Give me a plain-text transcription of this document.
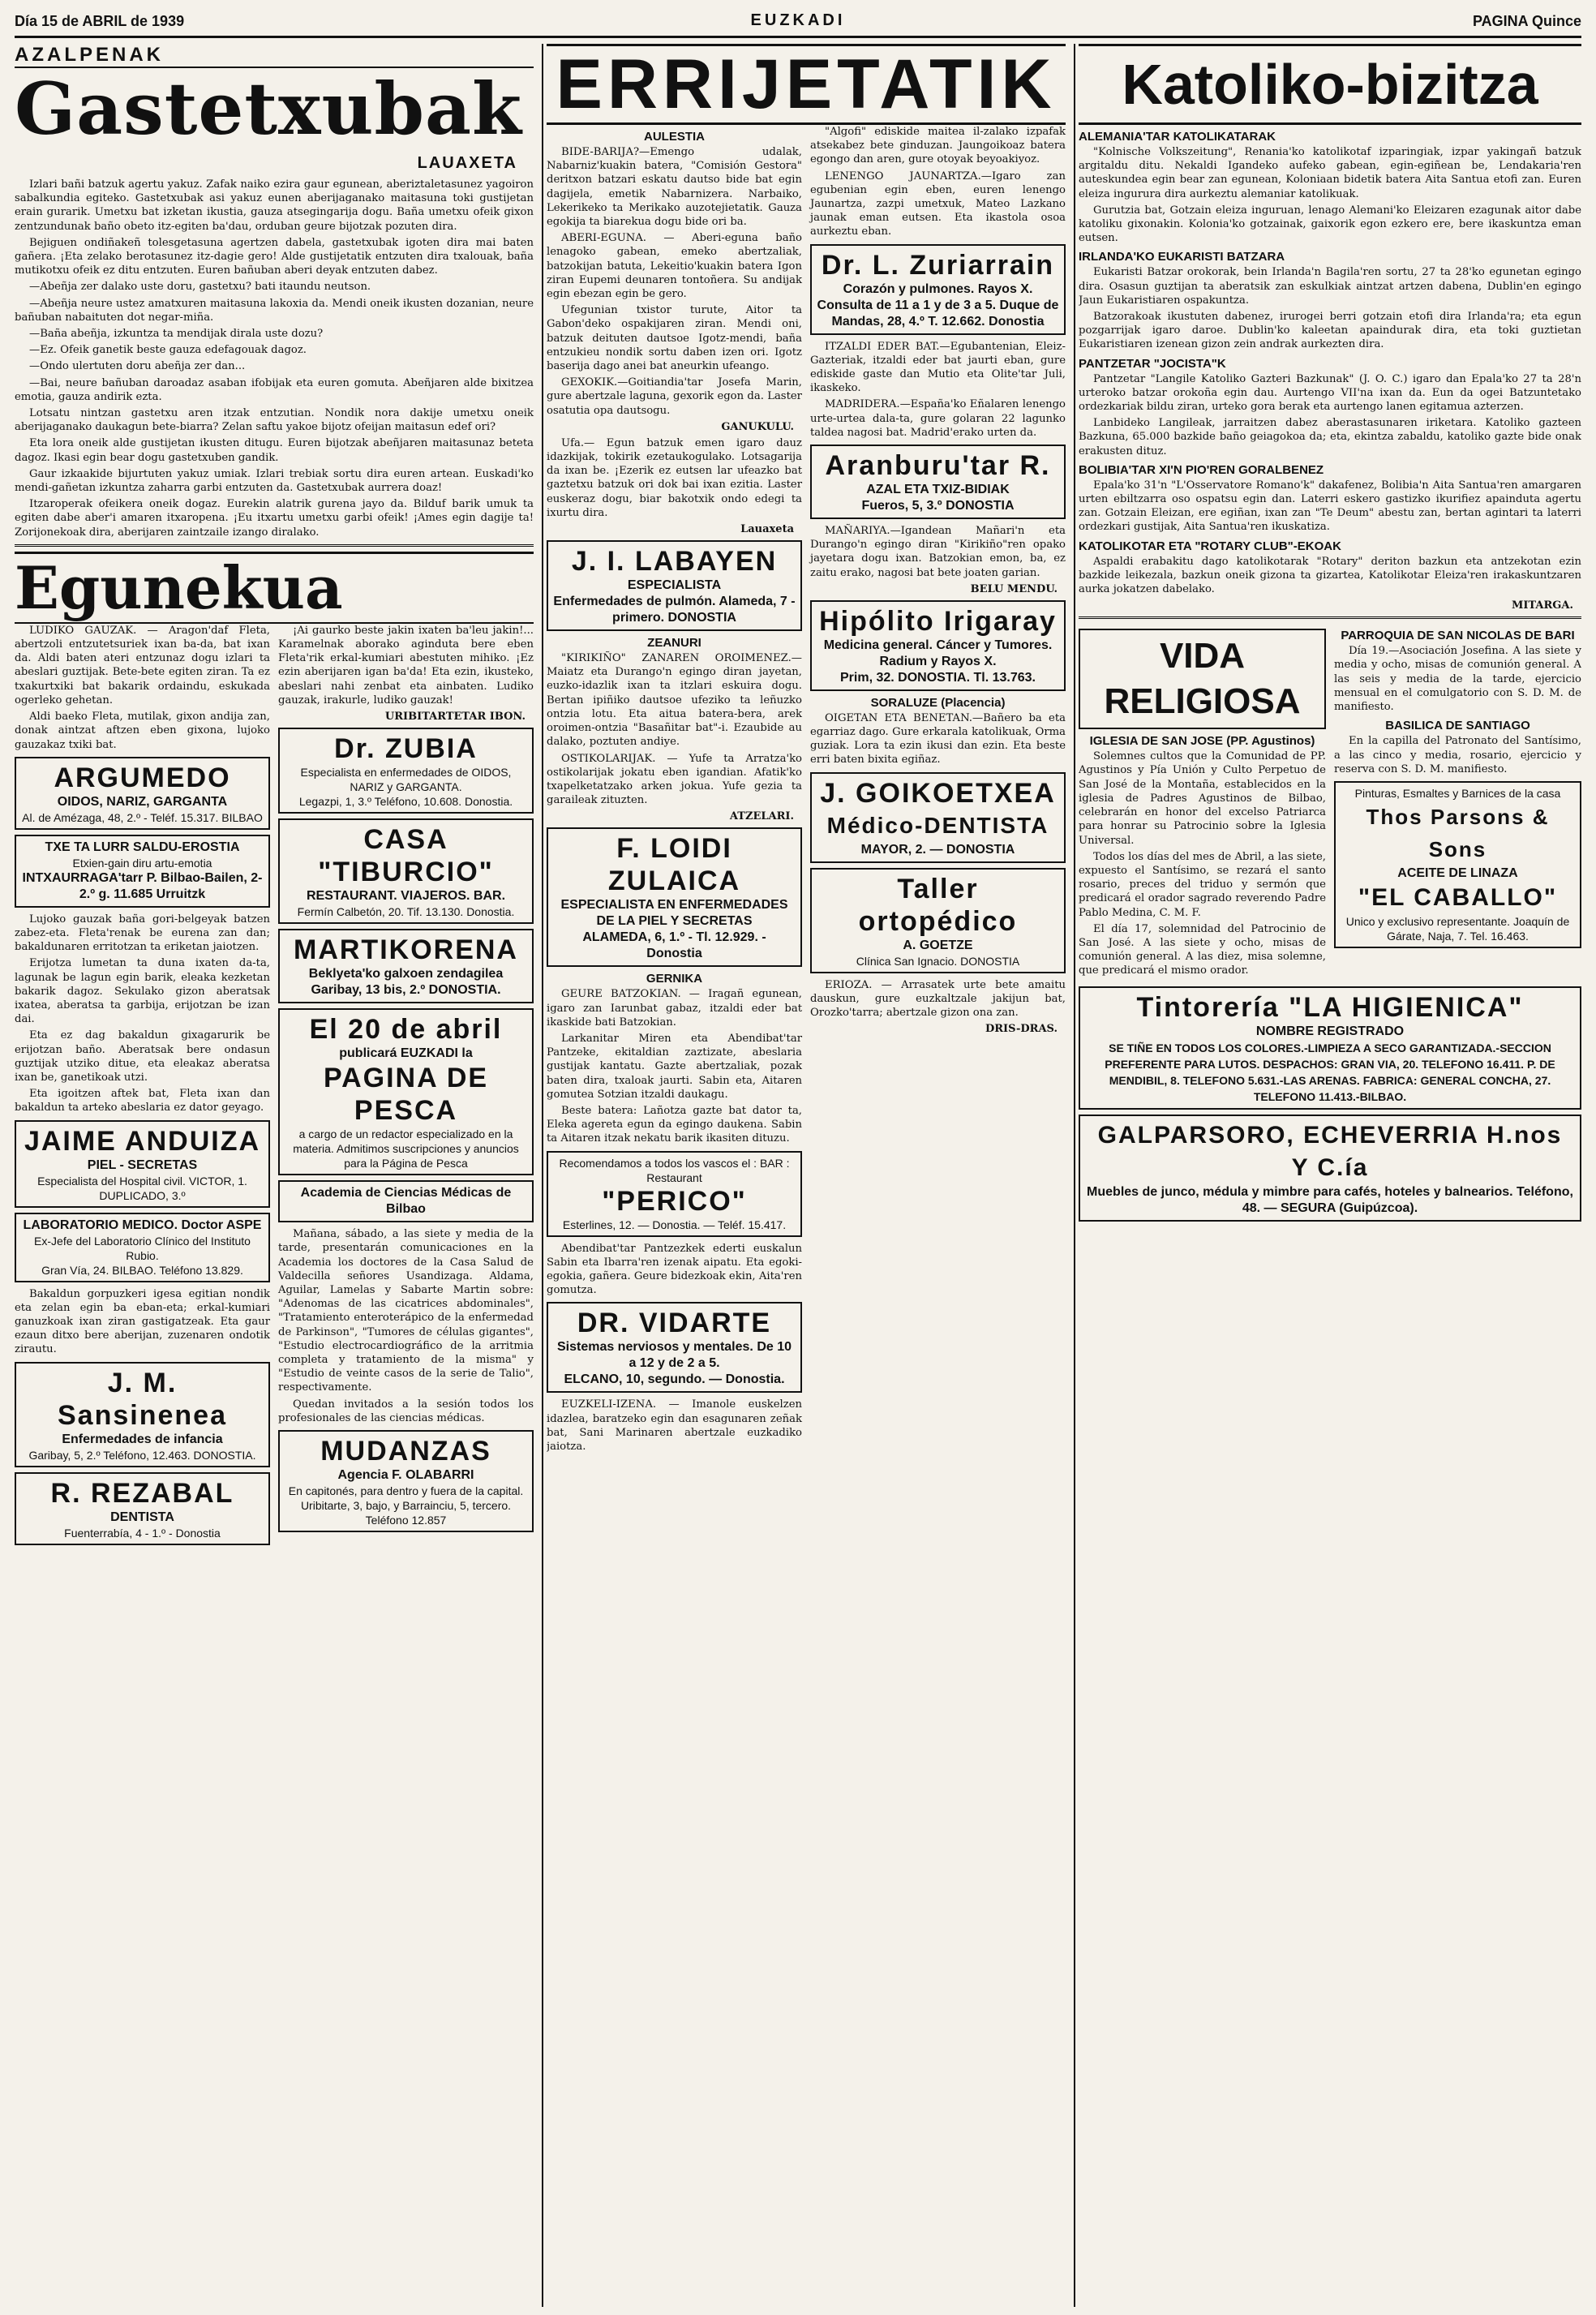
Día 15 de ABRIL de 1939	EUZKADI	PAGINA Quince
AZALPENAK
Gastetxubak
LAUAXETA

Izlari bañi batzuk agertu yakuz. Zafak naiko ezira gaur egunean, aberiztaletasunez yagoiron sabalkundia egiteko. Gastetxubak asi yakuz eunen aberijaganako maitasuna toki gustijetan erain gurarik. Umetxu bat izketan ikustia, gauza atsegingarija dogu. Baña umetxu ofeik gixon zentzundunak baño obeto itz-egiten ba'dau, orduban geure bijotzak pozuten dira.

Bejiguen ondiñakeñ tolesgetasuna agertzen dabela, gastetxubak igoten dira mai baten gañera. ¡Eta zelako berotasunez itz-dagie gero! Alde gustijetatik entzuten dira txalouak, baña mutikotxu ofeik ez ditu entzuten. Euren bañuban aberi deyak entzuten dabez.

—Abeñja zer dalako uste doru, gastetxu? bati itaundu neutson.

—Abeñja neure ustez amatxuren maitasuna lakoxia da. Mendi oneik ikusten dozanian, neure bañuban nabaituten dot negar-miña.

—Baña abeñja, izkuntza ta mendijak dirala uste dozu?

—Ez. Ofeik ganetik beste gauza edefagouak dagoz.

—Ondo ulertuten doru abeñja zer dan...

—Bai, neure bañuban daroadaz asaban ifobijak eta euren gomuta. Abeñjaren alde bixitzea emotia, gauza andirik ezta.

Lotsatu nintzan gastetxu aren itzak entzutian. Nondik nora dakije umetxu oneik aberijaganako daukagun bete-biarra? Zelan saftu yakoe bijotz ofeijan maitasun edef ori?

Eta lora oneik alde gustijetan ikusten ditugu. Euren bijotzak abeñjaren maitasunaz beteta dagoz. Ikasi egin bear dogu gastetxuben gandik.

Gaur izkaakide bijurtuten yakuz umiak. Izlari trebiak sortu dira euren artean. Euskadi'ko mendi-gañetan izkuntza zaharra garbi entzuten da. Gastetxubak aurrera doaz!

Itzaroperak ofeikera oneik dogaz. Eurekin alatrik gurena jayo da. Bilduf barik umuk ta egiten dabe aber'i amaren itxaropena. ¡Eu itxartu umetxu garbi ofeik! ¡Ames egin dagije ta! Zorijonekoak dira, aberijaren zaintzaile izango diralako.

Egunekua

LUDIKO GAUZAK. — Aragon'daf Fleta, abertzoli entzutetsuriek ixan ba-da, bat ixan da. Aldi baten ateri entzunaz dogu izlari ta abeslari guztijak. Bete-bete egiten ziran. Ta ez txakurtxiki bat bakarik ordaindu, eskukada ogerleko gehetan.

Aldi baeko Fleta, mutilak, gixon andija zan, donak aintzat aftzen eben gixona, lujoko gauzakaz txiki bat.

ARGUMEDO
OIDOS, NARIZ, GARGANTA
Al. de Amézaga, 48, 2.º - Teléf. 15.317. BILBAO
TXE TA LURR SALDU-EROSTIA
Etxien-gain diru artu-emotia
INTXAURRAGA'tarr P. Bilbao-Bailen, 2-2.º g. 11.685 Urruitzk

Lujoko gauzak baña gori-belgeyak batzen zabez-eta. Fleta'renak be eurena zan dan; bakaldunaren erritotzan ta eriketan jaiotzen.

Erijotza lumetan ta duna ixaten da-ta, lagunak be lagun egin barik, eleaka kezketan bakarik dagoz. Sekulako gizon aberatsak ixatea, aberatsa ta garbija, erijotzan be izan dai.

Eta ez dag bakaldun gixagarurik be erijotzan baño. Aberatsak bere ondasun guztijak utziko ditue, eta eleakaz aberatsa ixan be, ganetikoak utzi.

Eta igoitzen aftek bat, Fleta ixan dan bakaldun ta arteko abeslaria ez dator geyago.

JAIME ANDUIZA
PIEL - SECRETAS
Especialista del Hospital civil. VICTOR, 1. DUPLICADO, 3.º
LABORATORIO MEDICO. Doctor ASPE
Ex-Jefe del Laboratorio Clínico del Instituto Rubio.
Gran Vía, 24. BILBAO. Teléfono 13.829.

Bakaldun gorpuzkeri igesa egitian nondik eta zelan egin ba eban-eta; erkal-kumiari ganuzkoak ixan ziran gastigatzeak. Eta gaur ezaun ditxo bere aberijan, zuzenaren ondotik zirautu.

J. M. Sansinenea
Enfermedades de infancia
Garibay, 5, 2.º Teléfono, 12.463. DONOSTIA.
R. REZABAL
DENTISTA
Fuenterrabía, 4 - 1.º - Donostia

¡Ai gaurko beste jakin ixaten ba'leu jakin!... Karamelnak aborako aginduta bere eben Fleta'rik erkal-kumiari abestuten mihiko. ¡Ez ezin aberijaren igan ba'da! Eta ezin, ikusteko, abeslari nahi zenbat eta ainbaten. Ludiko gauzak, irakurle, ludiko gauzak!

URIBITARTETAR IBON.
Dr. ZUBIA
Especialista en enfermedades de OIDOS, NARIZ y GARGANTA.
Legazpi, 1, 3.º Teléfono, 10.608. Donostia.
CASA "TIBURCIO"
RESTAURANT. VIAJEROS. BAR.
Fermín Calbetón, 20. Tif. 13.130. Donostia.
MARTIKORENA
Beklyeta'ko galxoen zendagilea
Garibay, 13 bis, 2.º DONOSTIA.
El 20 de abril
publicará EUZKADI la
PAGINA DE PESCA
a cargo de un redactor especializado en la materia. Admitimos suscripciones y anuncios para la Página de Pesca
Academia de Ciencias Médicas de Bilbao

Mañana, sábado, a las siete y media de la tarde, presentarán comunicaciones en la Academia los doctores de la Casa Salud de Valdecilla señores Usandizaga. Aldama, Aguilar, Lamelas y Sabarte Martin sobre: "Adenomas de las cicatrices abdominales", "Tratamiento enteroterápico de la enfermedad de Parkinson", "Tumores de células gigantes", "Estudio electrocardiográfico de la arritmia completa y tratamiento de la misma" y "Estudio de veinte casos de la serie de Talio", respectivamente.

Quedan invitados a la sesión todos los profesionales de las ciencias médicas.

MUDANZAS
Agencia F. OLABARRI
En capitonés, para dentro y fuera de la capital. Uribitarte, 3, bajo, y Barrainciu, 5, tercero. Teléfono 12.857
ERRIJETATIK
AULESTIA

BIDE-BARIJA?—Emengo udalak, Nabarniz'kuakin batera, "Comisión Gestora" deritxon batzari eskatu dautso bide bat egin dagijela, emetik Nabarnizera. Narbaiko, Lekerikeko ta Merikako auzotejietatik. Gauza egokija ta biarekua dogu bide ori ba.

ABERI-EGUNA. — Aberi-eguna baño lenagoko gabean, emeko abertzaliak, batzokijan batuta, Lekeitio'kuakin batera Igon ziran Eupemi deunaren tontoñera. Su andijak egin ebezan egin be gero.

Ufegunian txistor turute, Aitor ta Gabon'deko ospakijaren ziran. Mendi oni, batzuk deituten dautsoe Igotz-mendi, baña entzukieu nondik sortu daben izen ori. Igotz baserija dago anei bat aneurkin ufeango.

GEXOKIK.—Goitiandia'tar Josefa Marin, gure abertzale laguna, gexorik egon da. Laster osatutia opa dautsogu.

GANUKULU.

Ufa.— Egun batzuk emen igaro dauz idazkijak, tokirik ezetaukogulako. Lotsagarija da ixan be. ¡Ezerik ez eutsen lar ufeazko bat gaztetxu batzuk ori dok bai ixan ezitia. Laster euskeraz dogu, biar bakotxik ondo edegi ta ixurtu dira.

Lauaxeta
J. I. LABAYEN
ESPECIALISTA
Enfermedades de pulmón. Alameda, 7 - primero. DONOSTIA
ZEANURI

"KIRIKIÑO" ZANAREN OROIMENEZ.—Maiatz eta Durango'n egingo diran jayetan, euzko-idazlik ixan ta itzlari eskuira dogu. Bertan ipiñiko dautsoe ufeziko ta leñuzko ontzia lotu. Eta aitua batera-bera, arek oroimen-ontzia "Basañitar bat"-i. Ezaubide au dalako, poztuten andiye.

OSTIKOLARIJAK. — Yufe ta Arratza'ko ostikolarijak jokatu eben igandian. Afatik'ko txapelketatzako arken jokua. Yufe gezia ta garaileak zituzten.

ATZELARI.
F. LOIDI ZULAICA
ESPECIALISTA EN ENFERMEDADES DE LA PIEL Y SECRETAS
ALAMEDA, 6, 1.º - Tl. 12.929. - Donostia
GERNIKA

GEURE BATZOKIAN. — Iragañ egunean, igaro zan Iarunbat gabaz, itzaldi eder bat ikaskide bati Batzokian.

Larkanitar Miren eta Abendibat'tar Pantzeke, ekitaldian zaztizate, abeslaria gustijak kantatu. Gazte abertzaliak, pozak baten dira, txaloak jaurti. Sabin eta, Aitaren gomutea Sotzian itzaldi daukagu.

Beste batera: Lañotza gazte bat dator ta, Eleka agereta egun da egingo daukena. Sabin ta Aitaren itzak nekatu barik ikasiten dituzu.

Recomendamos a todos los vascos el : BAR : Restaurant
"PERICO"
Esterlines, 12. — Donostia. — Teléf. 15.417.

Abendibat'tar Pantzezkek ederti euskalun Sabin eta Ibarra'ren izenak aipatu. Eta egoki-egokia, gañera. Geure bidezkoak ekin, Aita'ren gomutza.

DR. VIDARTE
Sistemas nerviosos y mentales. De 10 a 12 y de 2 a 5.
ELCANO, 10, segundo. — Donostia.

EUZKELI-IZENA. — Imanole euskelzen idazlea, baratzeko egin dan esagunaren zeñak bat, Sani Marinaren abertzale euzkadiko jaiotza.

"Algofi" ediskide maitea il-zalako izpafak atsekabez bete ginduzan. Jaungoikoaz batera egongo dan aren, gure otoyak beyoakiyoz.

LENENGO JAUNARTZA.—Igaro zan egubenian egin eben, euren lenengo Jaunartza, zazpi umetxuk, Mateo Lazkano jaunak eman eutsen. Eta ikastola osoa aurkeztu eban.

Dr. L. Zuriarrain
Corazón y pulmones. Rayos X.
Consulta de 11 a 1 y de 3 a 5. Duque de Mandas, 28, 4.º T. 12.662. Donostia

ITZALDI EDER BAT.—Egubantenian, Eleiz-Gazteriak, itzaldi eder bat jaurti eban, gure ediskide gaste dan Mutio eta Olite'tar Juli, ikaskeko.

MADRIDERA.—España'ko Eñalaren lenengo urte-urtea dala-ta, gure golaran 22 lagunko taldea nagosi bat. Madrid'erako urten da.

Aranburu'tar R.
AZAL ETA TXIZ-BIDIAK
Fueros, 5, 3.º DONOSTIA

MAÑARIYA.—Igandean Mañari'n eta Durango'n egingo diran "Kirikiño"ren opako jayetara dogu ixan. Batzokian emon, ba, ez zaitu erako, nagosi bat bete joaten garian.

BELU MENDU.
Hipólito Irigaray
Medicina general. Cáncer y Tumores. Radium y Rayos X.
Prim, 32. DONOSTIA. Tl. 13.763.
SORALUZE (Placencia)

OIGETAN ETA BENETAN.—Bañero ba eta egarriaz dago. Gure erkarala katolikuak, Orma guziak. Lora ta ezin ikusi dan ezin. Eta beste erri baten bixita egiñaz.

J. GOIKOETXEA
Médico-DENTISTA
MAYOR, 2. — DONOSTIA
Taller ortopédico
A. GOETZE
Clínica San Ignacio. DONOSTIA

ERIOZA. — Arrasatek urte bete amaitu dauskun, gure euzkaltzale jakijun bat, Orozko'tarra; abertzale gizon ona zan.

DRIS-DRAS.
Katoliko-bizitza
ALEMANIA'TAR KATOLIKATARAK

"Kolnische Volkszeitung", Renania'ko katolikotaf izparingiak, izpar yakingañ batzuk argitaldu ditu. Nekaldi Igandeko aufeko gabean, egin-egiñean be, Lendakaria'ren auteskundea egin bear zan egunean, Koloniaan bidetik batera Aita Santua etofi zan. Euren eleiza ingurura dira aurkeztu alemaniar katolikuak.

Gurutzia bat, Gotzain eleiza inguruan, lenago Alemani'ko Eleizaren ezagunak aitor dabe katoliku gixonakin. Kolonia'ko gotzainak, gaixorik egon ezkero ere, bere ikaskuntza eman eutsen.

IRLANDA'KO EUKARISTI BATZARA

Eukaristi Batzar orokorak, bein Irlanda'n Bagila'ren sortu, 27 ta 28'ko egunetan egingo dira. Osasun guztijan ta aberatsik zan eskulkiak aintzat artzen dabena, Dublin'en egingo Jaun Eukaristiaren ospakuntza.

Batzorakoak ikustuten dabenez, irurogei berri gotzain etofi dira Irlanda'ra; eta egun pozgarrijak igaro daroe. Dublin'ko kaleetan apaindurak dira, eta toki guztietan Eukaristiaren izenean gizon zein andrak aurkezten dira.

PANTZETAR "JOCISTA"K

Pantzetar "Langile Katoliko Gazteri Bazkunak" (J. O. C.) igaro dan Epala'ko 27 ta 28'n urteroko batzar orokoña egin dau. Aurtengo VII'na ixan da. Eun da ogei Batzuntetako ordezkariak bildu ziran, urteko gora berak eta aurtengo lanen egitamua azterzen.

Lanbideko Langileak, jarraitzen dabez aberastasunaren iriketara. Katoliko gazteen Bazkuna, 65.000 bazkide baño geiagokoa da; eta, ekintza zabaldu, katoliko gazte bide onak erakusten dituz.

BOLIBIA'TAR XI'N PIO'REN GORALBENEZ

Epala'ko 31'n "L'Osservatore Romano'k" dakafenez, Bolibia'n Aita Santua'ren amargaren urten ebiltzarra oso ospatsu egin dan. Laterri eskero gastizko ikurifiez apainduta agertu zan. Gotzain Eleizan, ere egiñan, ixan zan "Te Deum" abestu zan, bertan agintari ta laterri ordezkari gustijak, Aita Santua'ren ikuskatiza.

KATOLIKOTAR ETA "ROTARY CLUB"-EKOAK

Aspaldi erabakitu dago katolikotarak "Rotary" deriton bazkun eta antzekotan ezin bazkide leikezala, bazkun oneik gizona ta gizartea, Katolikotar Eleiza'ren irakaskuntzaren aurka jokatzen dabelako.

MITARGA.
VIDA RELIGIOSA
IGLESIA DE SAN JOSE (PP. Agustinos)

Solemnes cultos que la Comunidad de PP. Agustinos y Pía Unión y Culto Perpetuo de San José de la Montaña, establecidos en la iglesia de Padres Agustinos de Bilbao, celebrarán en honor del excelso Patriarca para honrar su Patrocinio sobre la Iglesia Universal.

Todos los días del mes de Abril, a las siete, expuesto el Santísimo, se rezará el santo rosario, preces del triduo y sermón que predicará el orador sagrado reverendo Padre Pablo Medina, C. M. F.

El día 17, solemnidad del Patrocinio de San José. A las siete y ocho, misas de comunión general. A las diez, misa solemne, que predicará el mismo orador.

PARROQUIA DE SAN NICOLAS DE BARI

Día 19.—Asociación Josefina. A las siete y media y ocho, misas de comunión general. A las seis y media de la tarde, ejercicio mensual en el comulgatorio con S. D. M. de manifiesto.

BASILICA DE SANTIAGO

En la capilla del Patronato del Santísimo, a las cinco y media, rosario, ejercicio y reserva con S. D. M. manifiesto.

Pinturas, Esmaltes y Barnices de la casa
Thos Parsons & Sons
ACEITE DE LINAZA
"EL CABALLO"
Unico y exclusivo representante. Joaquín de Gárate, Naja, 7. Tel. 16.463.
Tintorería "LA HIGIENICA"
NOMBRE REGISTRADO
SE TIÑE EN TODOS LOS COLORES.-LIMPIEZA A SECO GARANTIZADA.-SECCION PREFERENTE PARA LUTOS. DESPACHOS: GRAN VIA, 20. TELEFONO 16.411. P. DE MENDIBIL, 8. TELEFONO 5.631.-LAS ARENAS. FABRICA: GENERAL CONCHA, 27. TELEFONO 11.413.-BILBAO.
GALPARSORO, ECHEVERRIA H.nos Y C.ía
Muebles de junco, médula y mimbre para cafés, hoteles y balnearios. Teléfono, 48. — SEGURA (Guipúzcoa).
